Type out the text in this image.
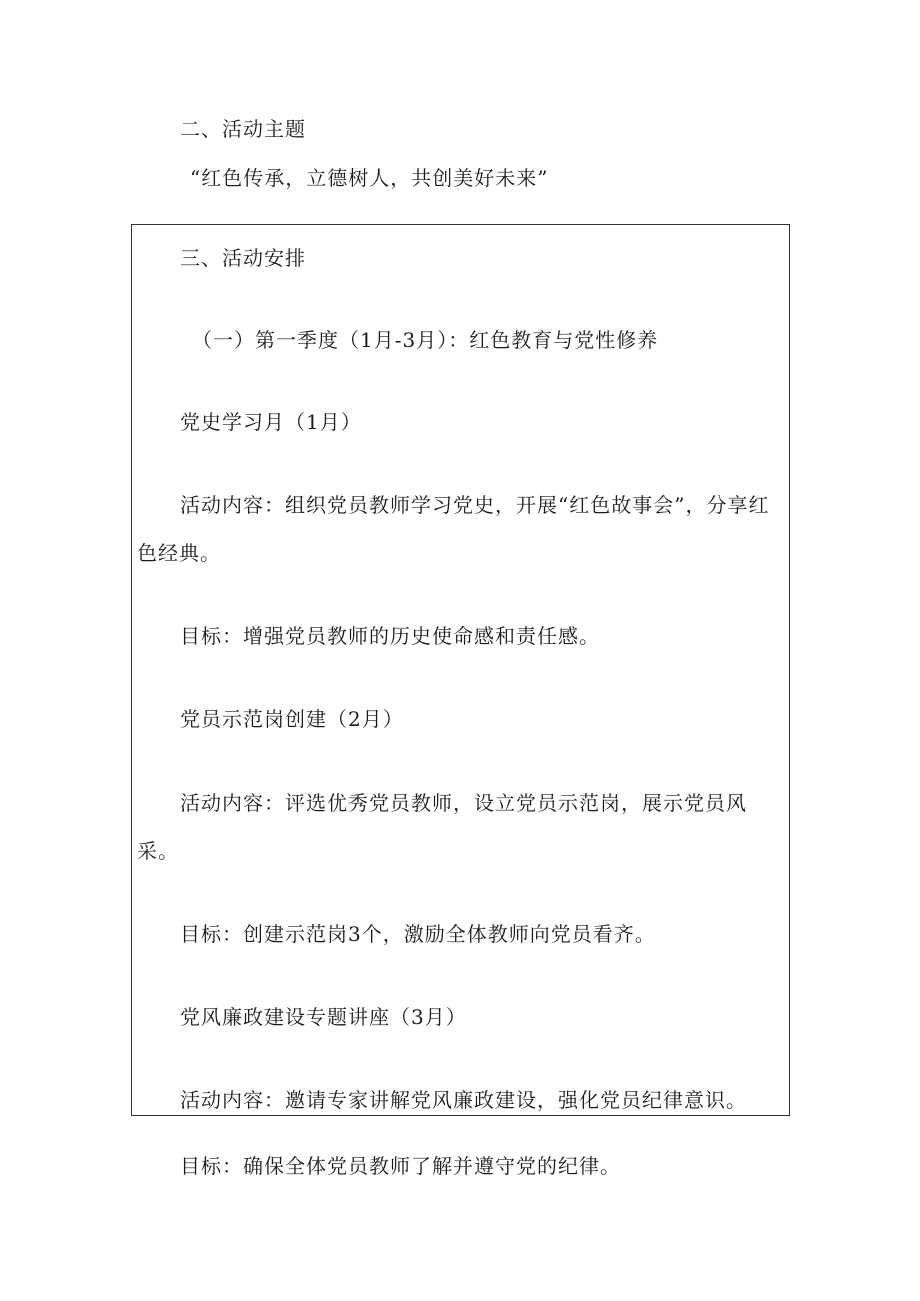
二、活动主题
“红色传承，立德树人，共创美好未来”
三、活动安排
（一）第一季度（1月-3月）：红色教育与党性修养
党史学习月（1月）
活动内容：组织党员教师学习党史，开展“红色故事会”，分享红
色经典。
目标：增强党员教师的历史使命感和责任感。
党员示范岗创建（2月）
活动内容：评选优秀党员教师，设立党员示范岗，展示党员风
采。
目标：创建示范岗3个，激励全体教师向党员看齐。
党风廉政建设专题讲座（3月）
活动内容：邀请专家讲解党风廉政建设，强化党员纪律意识。
目标：确保全体党员教师了解并遵守党的纪律。
